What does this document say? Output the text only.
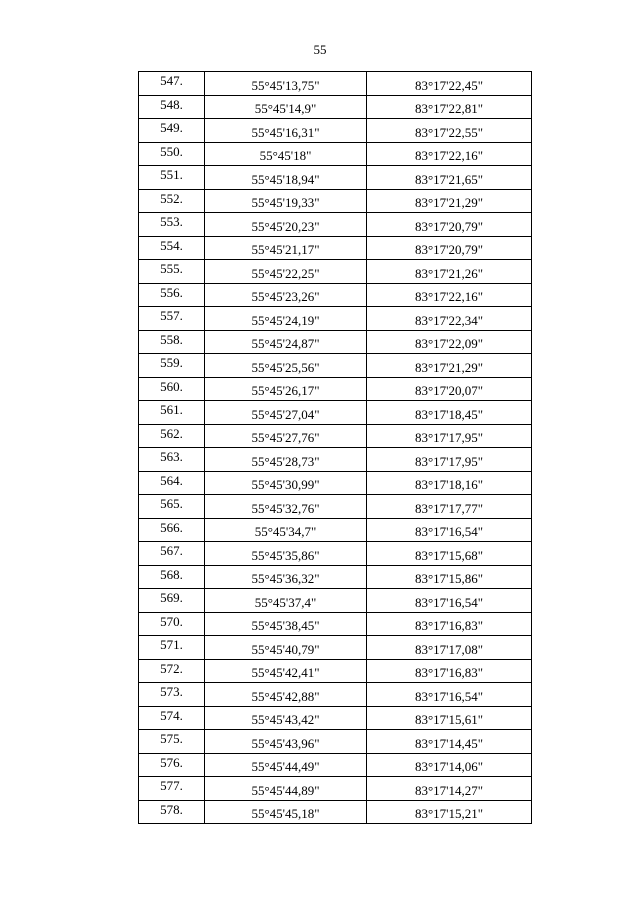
55
547.	55°45'13,75"	83°17'22,45"
548.	55°45'14,9"	83°17'22,81"
549.	55°45'16,31"	83°17'22,55"
550.	55°45'18"	83°17'22,16"
551.	55°45'18,94"	83°17'21,65"
552.	55°45'19,33"	83°17'21,29"
553.	55°45'20,23"	83°17'20,79"
554.	55°45'21,17"	83°17'20,79"
555.	55°45'22,25"	83°17'21,26"
556.	55°45'23,26"	83°17'22,16"
557.	55°45'24,19"	83°17'22,34"
558.	55°45'24,87"	83°17'22,09"
559.	55°45'25,56"	83°17'21,29"
560.	55°45'26,17"	83°17'20,07"
561.	55°45'27,04"	83°17'18,45"
562.	55°45'27,76"	83°17'17,95"
563.	55°45'28,73"	83°17'17,95"
564.	55°45'30,99"	83°17'18,16"
565.	55°45'32,76"	83°17'17,77"
566.	55°45'34,7"	83°17'16,54"
567.	55°45'35,86"	83°17'15,68"
568.	55°45'36,32"	83°17'15,86"
569.	55°45'37,4"	83°17'16,54"
570.	55°45'38,45"	83°17'16,83"
571.	55°45'40,79"	83°17'17,08"
572.	55°45'42,41"	83°17'16,83"
573.	55°45'42,88"	83°17'16,54"
574.	55°45'43,42"	83°17'15,61"
575.	55°45'43,96"	83°17'14,45"
576.	55°45'44,49"	83°17'14,06"
577.	55°45'44,89"	83°17'14,27"
578.	55°45'45,18"	83°17'15,21"
